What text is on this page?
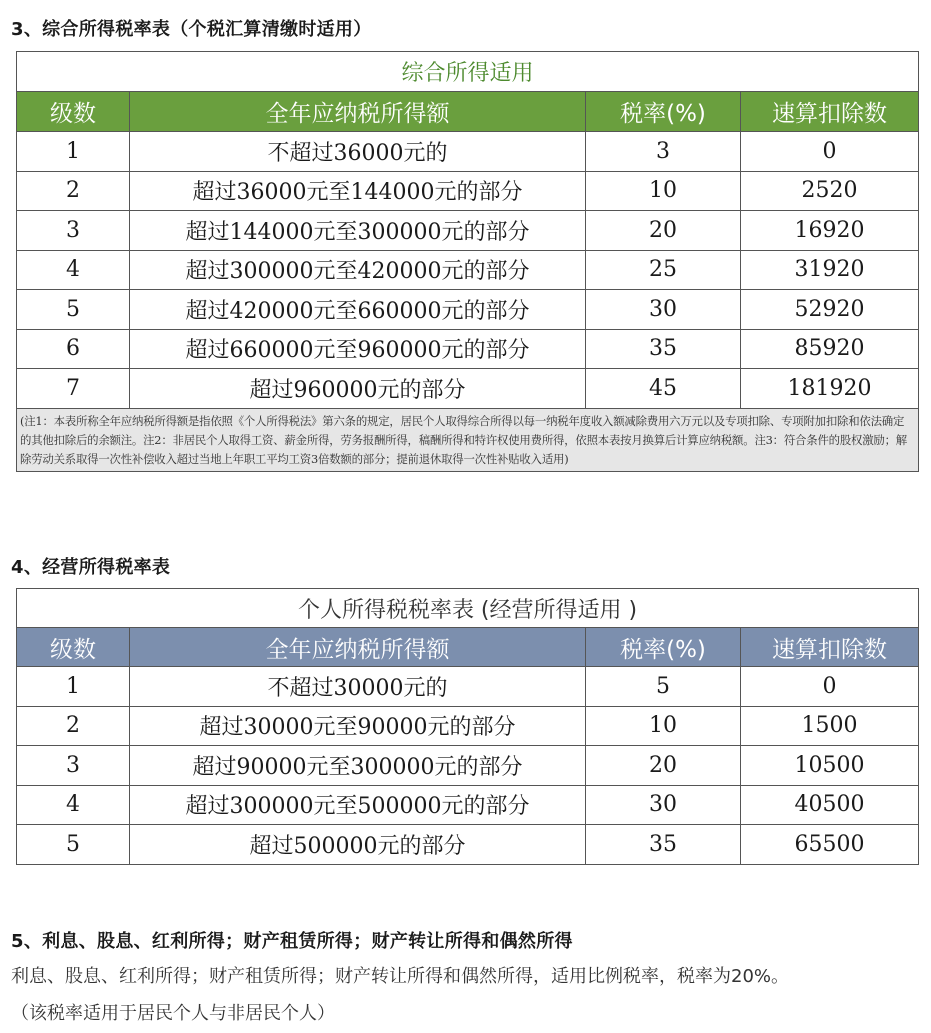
3、综合所得税率表（个税汇算清缴时适用）
综合所得适用			
级数	全年应纳税所得额	税率(%)	速算扣除数
1	不超过36000元的	3	0
2	超过36000元至144000元的部分	10	2520
3	超过144000元至300000元的部分	20	16920
4	超过300000元至420000元的部分	25	31920
5	超过420000元至660000元的部分	30	52920
6	超过660000元至960000元的部分	35	85920
7	超过960000元的部分	45	181920
(注1：本表所称全年应纳税所得额是指依照《个人所得税法》第六条的规定，居民个人取得综合所得以每一纳税年度收入额减除费用六万元以及专项扣除、专项附加扣除和依法确定的其他扣除后的余额注。注2：非居民个人取得工资、薪金所得，劳务报酬所得，稿酬所得和特许权使用费所得，依照本表按月换算后计算应纳税额。注3：符合条件的股权激励；解除劳动关系取得一次性补偿收入超过当地上年职工平均工资3倍数额的部分；提前退休取得一次性补贴收入适用)			
4、经营所得税率表
个人所得税税率表 (经营所得适用 )			
级数	全年应纳税所得额	税率(%)	速算扣除数
1	不超过30000元的	5	0
2	超过30000元至90000元的部分	10	1500
3	超过90000元至300000元的部分	20	10500
4	超过300000元至500000元的部分	30	40500
5	超过500000元的部分	35	65500
5、利息、股息、红利所得；财产租赁所得；财产转让所得和偶然所得
利息、股息、红利所得；财产租赁所得；财产转让所得和偶然所得，适用比例税率，税率为20%。
（该税率适用于居民个人与非居民个人）
